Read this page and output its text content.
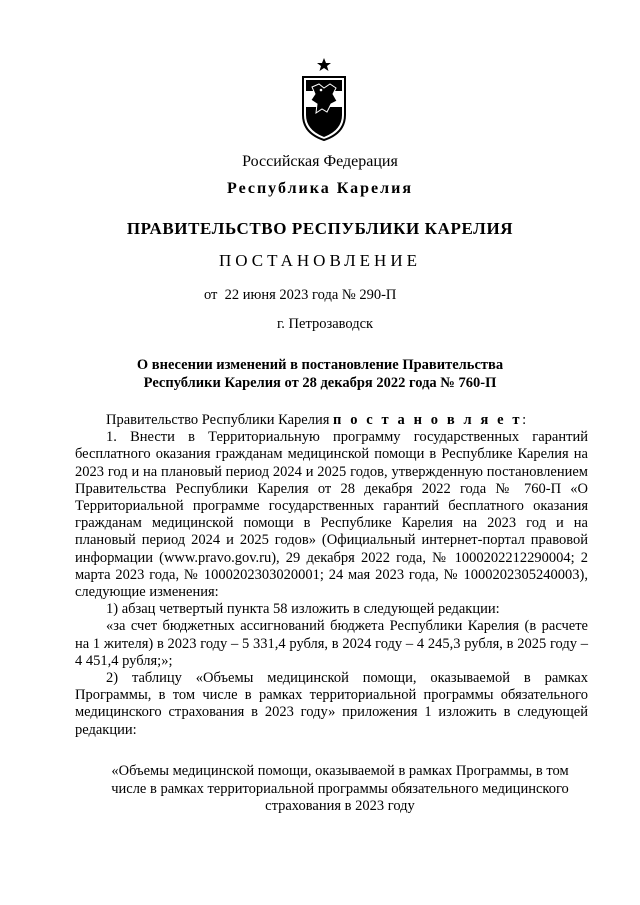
Российская Федерация
Республика Карелия
ПРАВИТЕЛЬСТВО РЕСПУБЛИКИ КАРЕЛИЯ
ПОСТАНОВЛЕНИЕ
от  22 июня 2023 года № 290-П
г. Петрозаводск
О внесении изменений в постановление Правительства
Республики Карелия от 28 декабря 2022 года № 760-П

Правительство Республики Карелия п о с т а н о в л я е т:

1. Внести в Территориальную программу государственных гарантий бесплатного оказания гражданам медицинской помощи в Республике Карелия на 2023 год и на плановый период 2024 и 2025 годов, утвержденную постановлением Правительства Республики Карелия от 28 декабря 2022 года № 760-П «О Территориальной программе государственных гарантий бесплатного оказания гражданам медицинской помощи в Республике Карелия на 2023 год и на плановый период 2024 и 2025 годов» (Официальный интернет-портал правовой информации (www.pravo.gov.ru), 29 декабря 2022 года, № 1000202212290004; 2 марта 2023 года, № 1000202303020001; 24 мая 2023 года, № 1000202305240003), следующие изменения:

1) абзац четвертый пункта 58 изложить в следующей редакции:

«за счет бюджетных ассигнований бюджета Республики Карелия (в расчете на 1 жителя) в 2023 году – 5 331,4 рубля, в 2024 году – 4 245,3 рубля, в 2025 году – 4 451,4 рубля;»;

2) таблицу «Объемы медицинской помощи, оказываемой в рамках Программы, в том числе в рамках территориальной программы обязательного медицинского страхования в 2023 году» приложения 1 изложить в следующей редакции:

«Объемы медицинской помощи, оказываемой в рамках Программы, в том
числе в рамках территориальной программы обязательного медицинского
страхования в 2023 году
